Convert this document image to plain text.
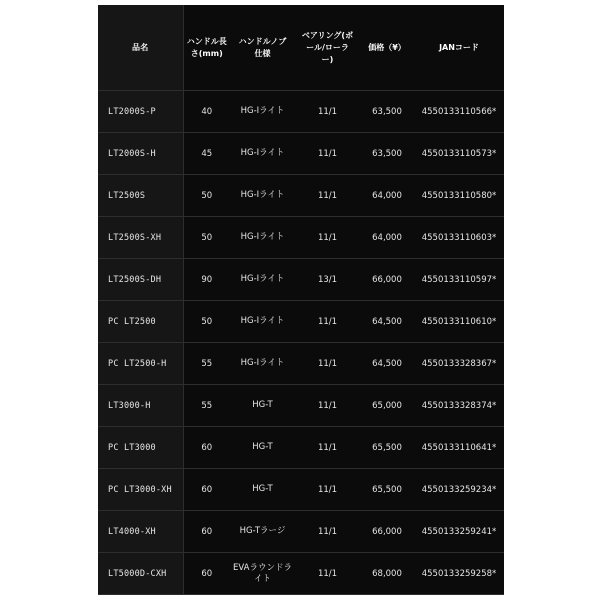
品名	ハンドル長さ(mm)	ハンドルノブ仕様	ベアリング(ボール/ローラー)	価格（¥）	JANコード
LT2000S-P	40	HG-Iライト	11/1	63,500	4550133110566*
LT2000S-H	45	HG-Iライト	11/1	63,500	4550133110573*
LT2500S	50	HG-Iライト	11/1	64,000	4550133110580*
LT2500S-XH	50	HG-Iライト	11/1	64,000	4550133110603*
LT2500S-DH	90	HG-Iライト	13/1	66,000	4550133110597*
PC LT2500	50	HG-Iライト	11/1	64,500	4550133110610*
PC LT2500-H	55	HG-Iライト	11/1	64,500	4550133328367*
LT3000-H	55	HG-T	11/1	65,000	4550133328374*
PC LT3000	60	HG-T	11/1	65,500	4550133110641*
PC LT3000-XH	60	HG-T	11/1	65,500	4550133259234*
LT4000-XH	60	HG-Tラージ	11/1	66,000	4550133259241*
LT5000D-CXH	60	EVAラウンドライト	11/1	68,000	4550133259258*
